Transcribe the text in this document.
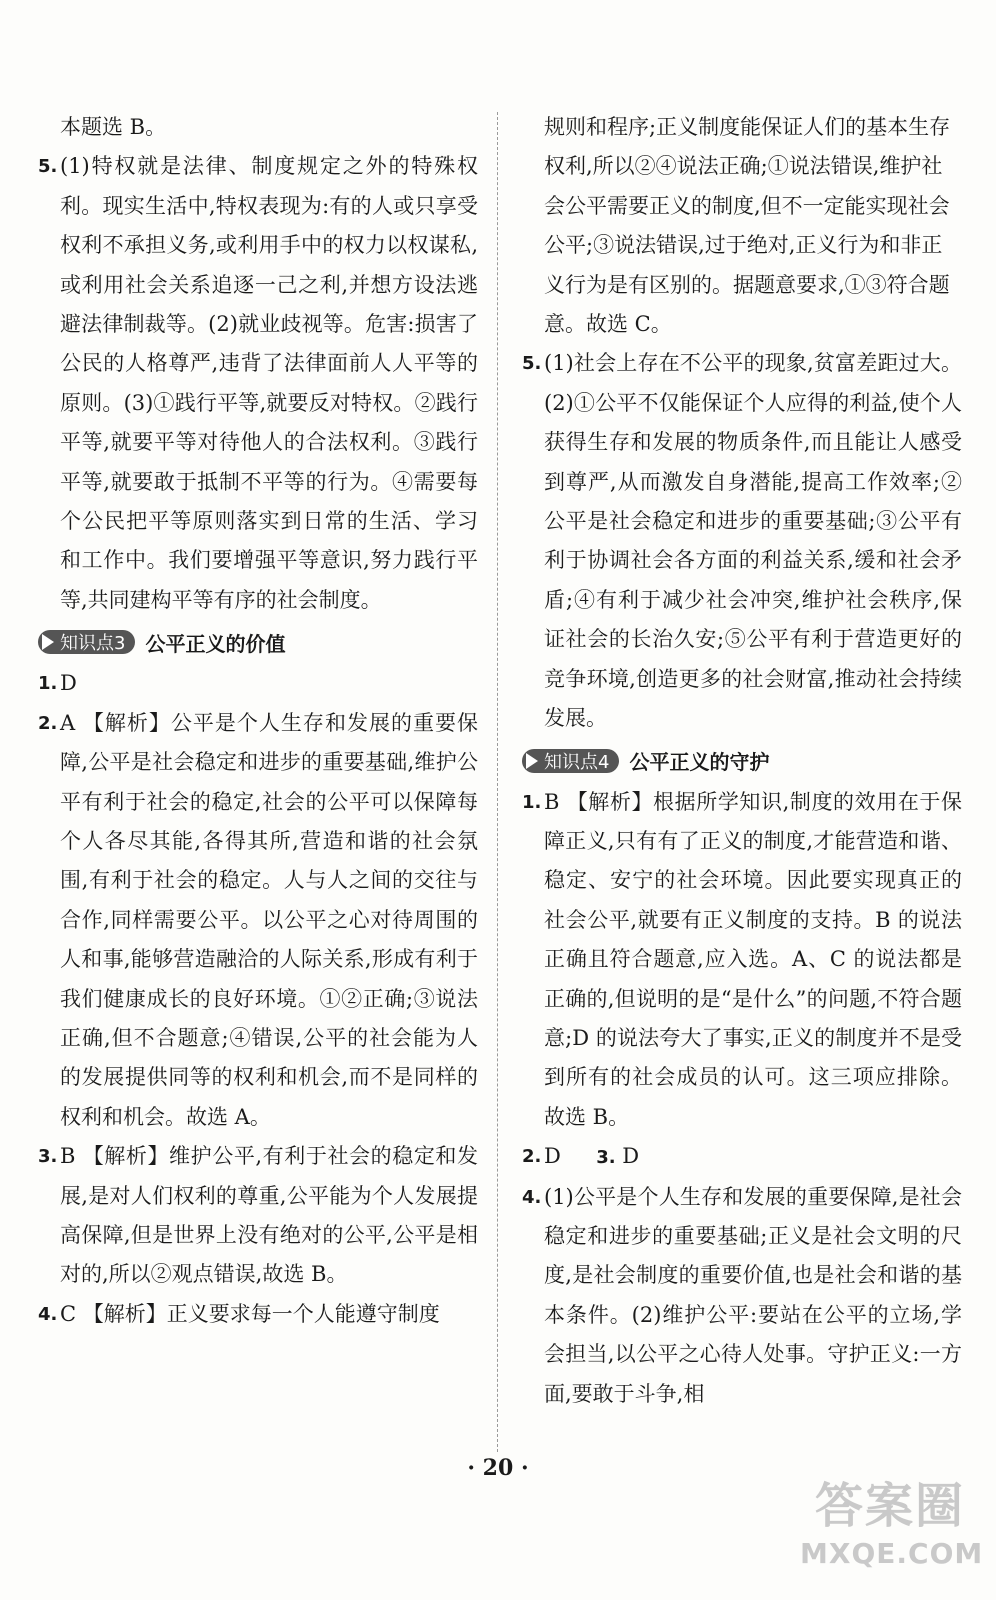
本题选 B。
5. (1)特权就是法律、制度规定之外的特殊权利。现实生活中,特权表现为:有的人或只享受权利不承担义务,或利用手中的权力以权谋私,或利用社会关系追逐一己之利,并想方设法逃避法律制裁等。(2)就业歧视等。危害:损害了公民的人格尊严,违背了法律面前人人平等的原则。(3)①践行平等,就要反对特权。②践行平等,就要平等对待他人的合法权利。③践行平等,就要敢于抵制不平等的行为。④需要每个公民把平等原则落实到日常的生活、学习和工作中。我们要增强平等意识,努力践行平等,共同建构平等有序的社会制度。
知识点3 公平正义的价值
1. D
2. A 【解析】公平是个人生存和发展的重要保障,公平是社会稳定和进步的重要基础,维护公平有利于社会的稳定,社会的公平可以保障每个人各尽其能,各得其所,营造和谐的社会氛围,有利于社会的稳定。人与人之间的交往与合作,同样需要公平。以公平之心对待周围的人和事,能够营造融洽的人际关系,形成有利于我们健康成长的良好环境。①②正确;③说法正确,但不合题意;④错误,公平的社会能为人的发展提供同等的权利和机会,而不是同样的权利和机会。故选 A。
3. B 【解析】维护公平,有利于社会的稳定和发展,是对人们权利的尊重,公平能为个人发展提高保障,但是世界上没有绝对的公平,公平是相对的,所以②观点错误,故选 B。
4. C 【解析】正义要求每一个人能遵守制度
规则和程序;正义制度能保证人们的基本生存权利,所以②④说法正确;①说法错误,维护社会公平需要正义的制度,但不一定能实现社会公平;③说法错误,过于绝对,正义行为和非正义行为是有区别的。据题意要求,①③符合题意。故选 C。
5. (1)社会上存在不公平的现象,贫富差距过大。(2)①公平不仅能保证个人应得的利益,使个人获得生存和发展的物质条件,而且能让人感受到尊严,从而激发自身潜能,提高工作效率;②公平是社会稳定和进步的重要基础;③公平有利于协调社会各方面的利益关系,缓和社会矛盾;④有利于减少社会冲突,维护社会秩序,保证社会的长治久安;⑤公平有利于营造更好的竞争环境,创造更多的社会财富,推动社会持续发展。
知识点4 公平正义的守护
1. B 【解析】根据所学知识,制度的效用在于保障正义,只有有了正义的制度,才能营造和谐、稳定、安宁的社会环境。因此要实现真正的社会公平,就要有正义制度的支持。B 的说法正确且符合题意,应入选。A、C 的说法都是正确的,但说明的是“是什么”的问题,不符合题意;D 的说法夸大了事实,正义的制度并不是受到所有的社会成员的认可。这三项应排除。故选 B。
2. D 3. D
4. (1)公平是个人生存和发展的重要保障,是社会稳定和进步的重要基础;正义是社会文明的尺度,是社会制度的重要价值,也是社会和谐的基本条件。(2)维护公平:要站在公平的立场,学会担当,以公平之心待人处事。守护正义:一方面,要敢于斗争,相
· 20 ·
答案圈
MXQE.COM
